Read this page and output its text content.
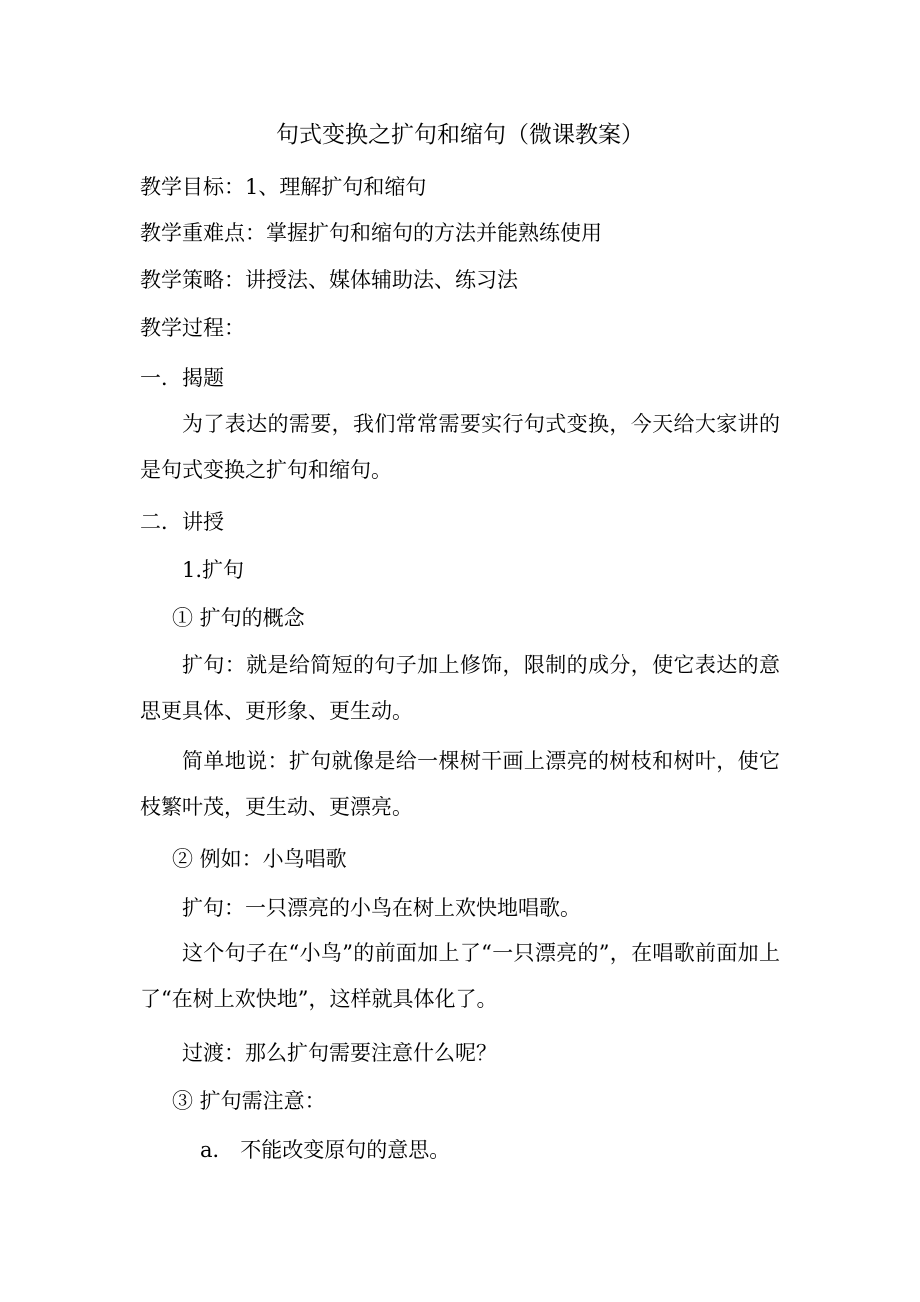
句式变换之扩句和缩句（微课教案）
教学目标：1、理解扩句和缩句
教学重难点：掌握扩句和缩句的方法并能熟练使用
教学策略：讲授法、媒体辅助法、练习法
教学过程：
一．揭题

为了表达的需要，我们常常需要实行句式变换，今天给大家讲的是句式变换之扩句和缩句。

二．讲授
1.扩句
① 扩句的概念

扩句：就是给简短的句子加上修饰，限制的成分，使它表达的意思更具体、更形象、更生动。

简单地说：扩句就像是给一棵树干画上漂亮的树枝和树叶，使它枝繁叶茂，更生动、更漂亮。

② 例如：小鸟唱歌
扩句：一只漂亮的小鸟在树上欢快地唱歌。

这个句子在“小鸟”的前面加上了“一只漂亮的”，在唱歌前面加上了“在树上欢快地”，这样就具体化了。

过渡：那么扩句需要注意什么呢？
③ 扩句需注意：
a． 不能改变原句的意思。
